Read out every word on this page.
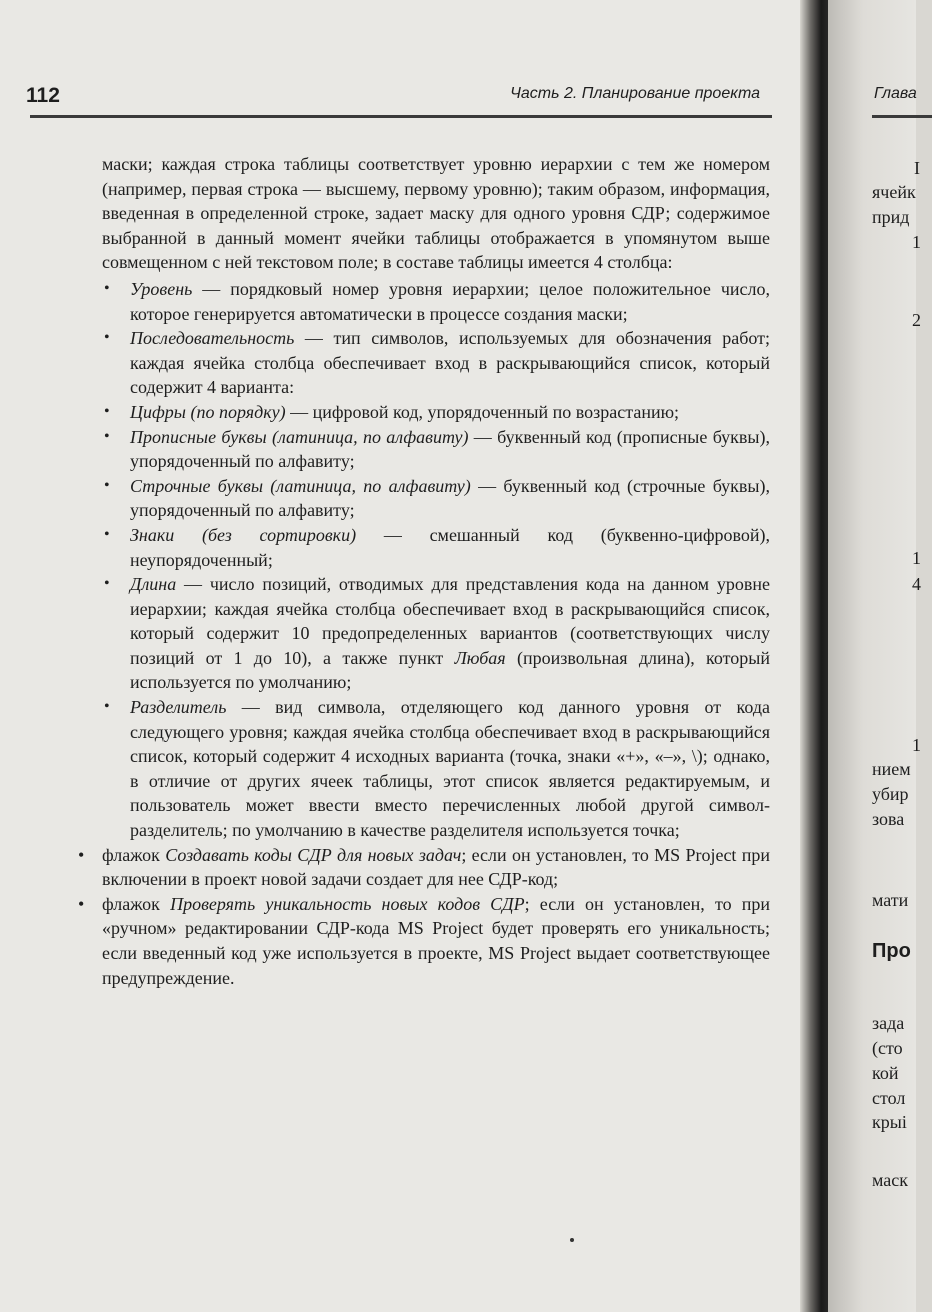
112	Часть 2. Планирование проекта

маски; каждая строка таблицы соответствует уровню иерархии с тем же номером (например, первая строка — высшему, первому уровню); таким образом, информация, введенная в определенной строке, задает маску для одного уровня СДР; содержимое выбранной в данный момент ячейки таблицы отображается в упомянутом выше совмещенном с ней текстовом поле; в составе таблицы имеется 4 столбца:

• Уровень — порядковый номер уровня иерархии; целое положительное число, которое генерируется автоматически в процессе создания маски;
• Последовательность — тип символов, используемых для обозначения работ; каждая ячейка столбца обеспечивает вход в раскрывающийся список, который содержит 4 варианта:
• Цифры (по порядку) — цифровой код, упорядоченный по возрастанию;
• Прописные буквы (латиница, по алфавиту) — буквенный код (прописные буквы), упорядоченный по алфавиту;
• Строчные буквы (латиница, по алфавиту) — буквенный код (строчные буквы), упорядоченный по алфавиту;
• Знаки (без сортировки) — смешанный код (буквенно-цифровой), неупорядоченный;
• Длина — число позиций, отводимых для представления кода на данном уровне иерархии; каждая ячейка столбца обеспечивает вход в раскрывающийся список, который содержит 10 предопределенных вариантов (соответствующих числу позиций от 1 до 10), а также пункт Любая (произвольная длина), который используется по умолчанию;
• Разделитель — вид символа, отделяющего код данного уровня от кода следующего уровня; каждая ячейка столбца обеспечивает вход в раскрывающийся список, который содержит 4 исходных варианта (точка, знаки «+», «–», \); однако, в отличие от других ячеек таблицы, этот список является редактируемым, и пользователь может ввести вместо перечисленных любой другой символ-разделитель; по умолчанию в качестве разделителя используется точка;
• флажок Создавать коды СДР для новых задач; если он установлен, то MS Project при включении в проект новой задачи создает для нее СДР-код;
• флажок Проверять уникальность новых кодов СДР; если он установлен, то при «ручном» редактировании СДР-кода MS Project будет проверять его уникальность; если введенный код уже используется в проекте, MS Project выдает соответствующее предупреждение.
Глава
I
ячейк
прид
1
2
1
4
1
нием
убир
зова
мати
Про
зада
(сто
кой
стол
крыі
маск
